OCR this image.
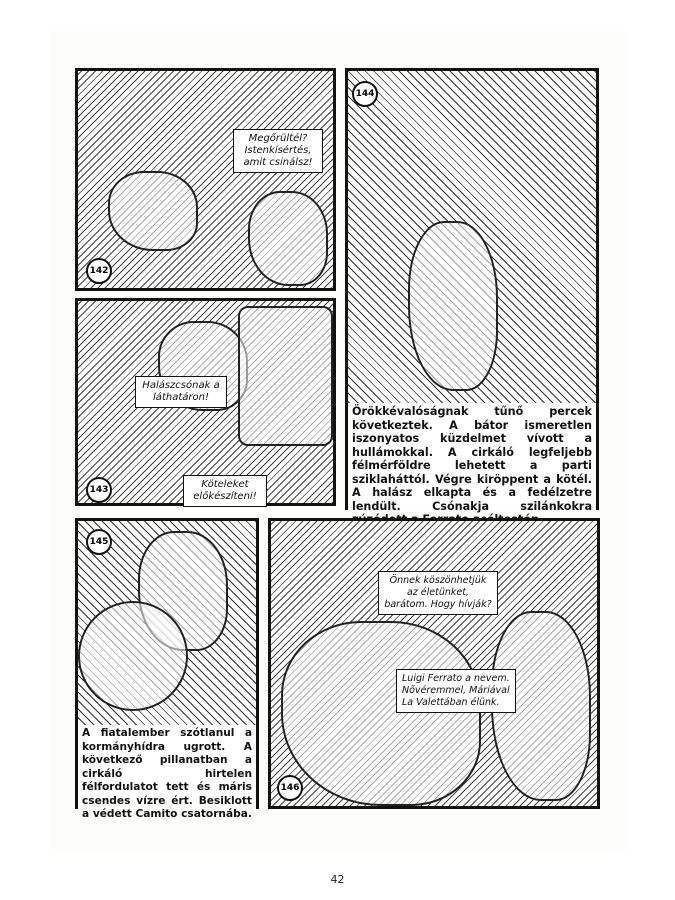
Megőrültél? Istenkísértés, amit csinálsz!
142
144
Örökkévalóságnak tűnő percek következtek. A bátor ismeretlen iszonyatos küzdelmet vívott a hullámokkal. A cirkáló legfeljebb félmérföldre lehetett a parti sziklaháttól. Végre kiröppent a kötél. A halász elkapta és a fedélzetre lendült. Csónakja szilánkokra
Halászcsónak a láthatáron!
Köteleket előkészíteni!
143
145
A fiatalember szótlanul a kormányhídra ugrott. A következő pillanatban a cirkáló hirtelen félfordulatot tett és máris csendes vízre ért. Besiklott a védett Camito csatornába.
Önnek köszönhetjük az életünket, barátom. Hogy hívják?
Luigi Ferrato a nevem. Nővéremmel, Máriával La Valettában élünk.
146
42
